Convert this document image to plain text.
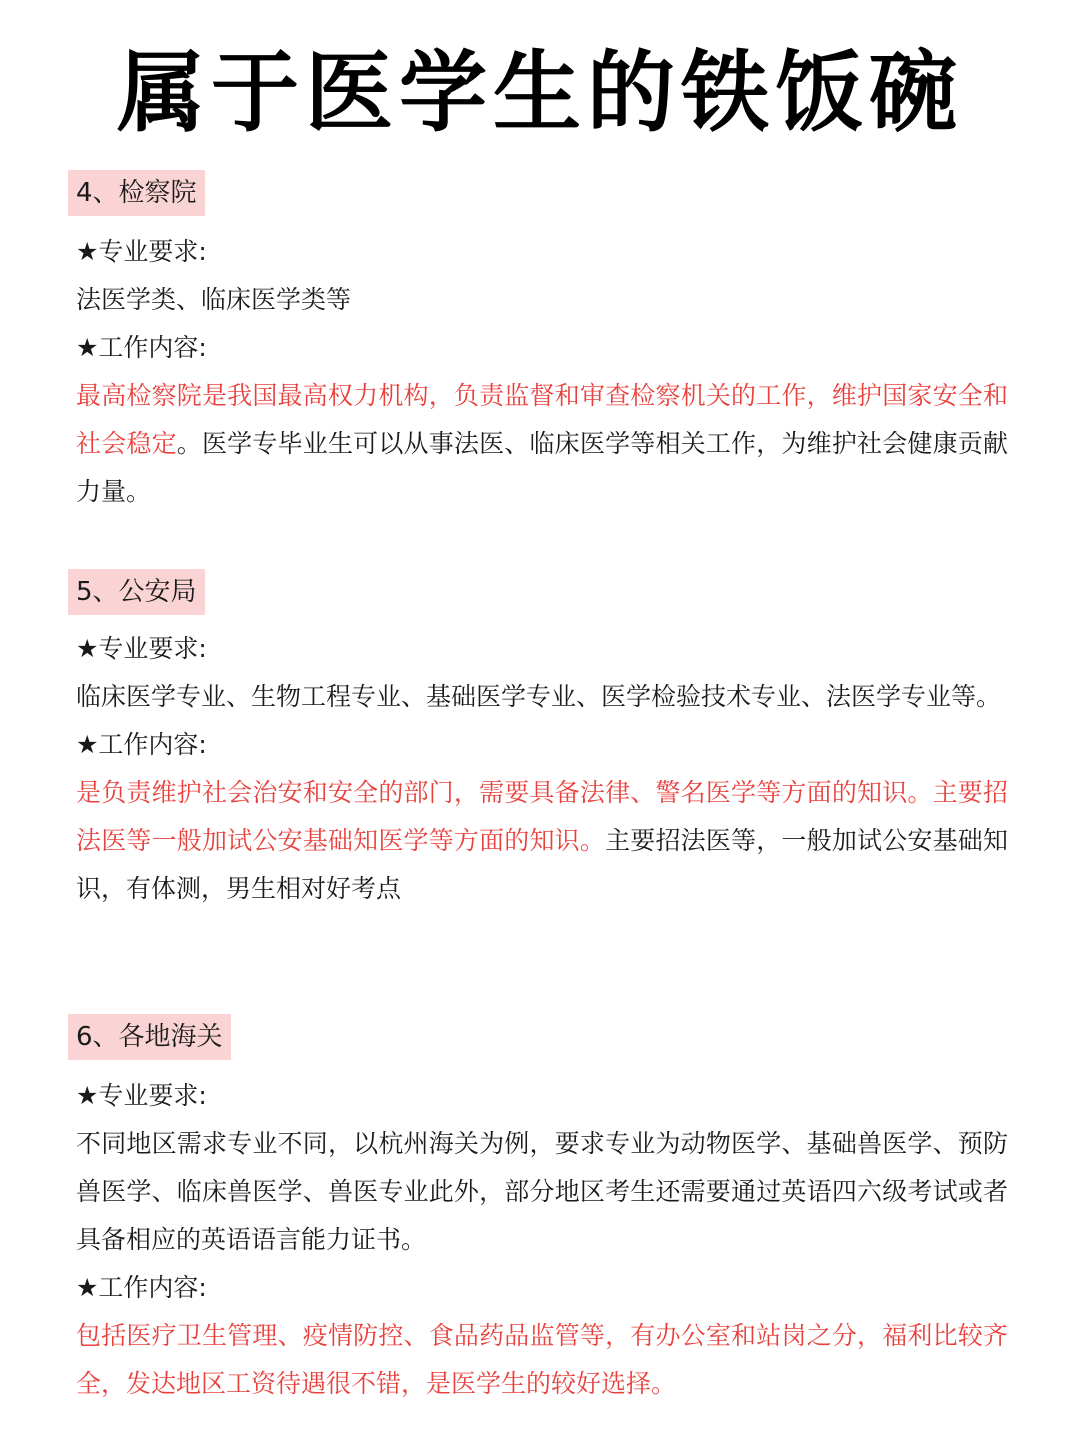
属于医学生的铁饭碗
4、检察院

★专业要求:

法医学类、临床医学类等

★工作内容:

最高检察院是我国最高权力机构，负责监督和审查检察机关的工作，维护国家安全和社会稳定。医学专毕业生可以从事法医、临床医学等相关工作，为维护社会健康贡献力量。

5、公安局

★专业要求:

临床医学专业、生物工程专业、基础医学专业、医学检验技术专业、法医学专业等。

★工作内容:

是负责维护社会治安和安全的部门，需要具备法律、警名医学等方面的知识。主要招法医等一般加试公安基础知医学等方面的知识。主要招法医等，一般加试公安基础知识，有体测，男生相对好考点

6、各地海关

★专业要求:

不同地区需求专业不同，以杭州海关为例，要求专业为动物医学、基础兽医学、预防兽医学、临床兽医学、兽医专业此外，部分地区考生还需要通过英语四六级考试或者具备相应的英语语言能力证书。

★工作内容:

包括医疗卫生管理、疫情防控、食品药品监管等，有办公室和站岗之分，福利比较齐全，发达地区工资待遇很不错，是医学生的较好选择。
